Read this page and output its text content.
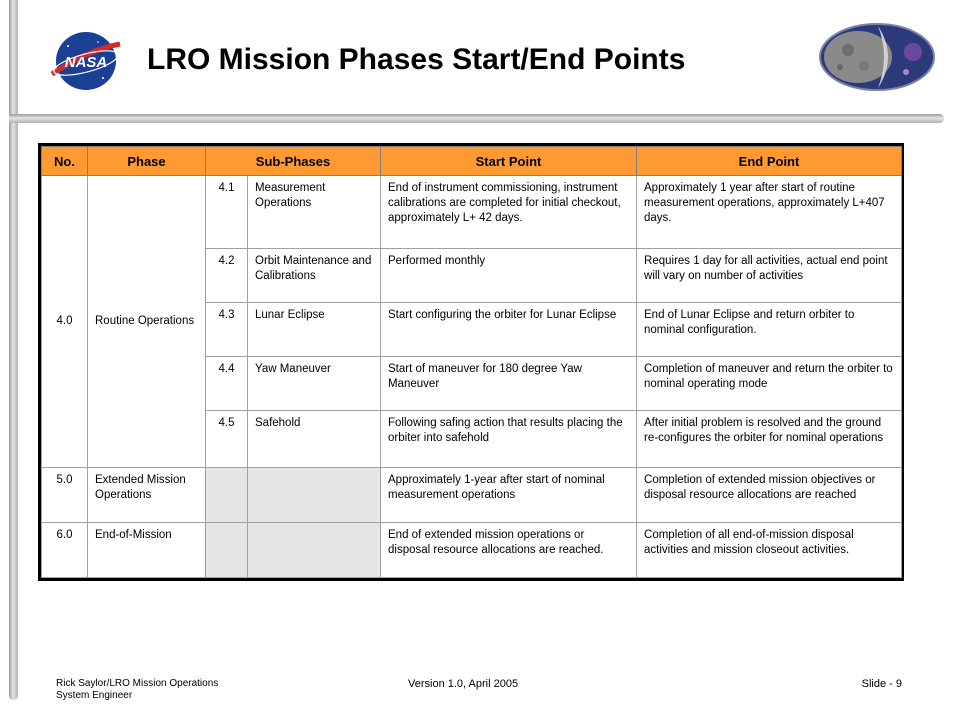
NASA LRO Mission Phases Start/End Points
No.	Phase	Sub-Phases		Start Point	End Point
4.0	Routine Operations	4.1	Measurement Operations	End of instrument commissioning, instrument calibrations are completed for initial checkout, approximately L+ 42 days.	Approximately 1 year after start of routine measurement operations, approximately L+407 days.
		4.2	Orbit Maintenance and Calibrations	Performed monthly	Requires 1 day for all activities, actual end point will vary on number of activities
		4.3	Lunar Eclipse	Start configuring the orbiter for Lunar Eclipse	End of Lunar Eclipse and return orbiter to nominal configuration.
		4.4	Yaw Maneuver	Start of maneuver for 180 degree Yaw Maneuver	Completion of maneuver and return the orbiter to nominal operating mode
		4.5	Safehold	Following safing action that results placing the orbiter into safehold	After initial problem is resolved and the ground re-configures the orbiter for nominal operations
5.0	Extended Mission Operations			Approximately 1-year after start of nominal measurement operations	Completion of extended mission objectives or disposal resource allocations are reached
6.0	End-of-Mission			End of extended mission operations or disposal resource allocations are reached.	Completion of all end-of-mission disposal activities and mission closeout activities.
Rick Saylor/LRO Mission Operations
System Engineer
Version 1.0, April 2005	Slide - 9
